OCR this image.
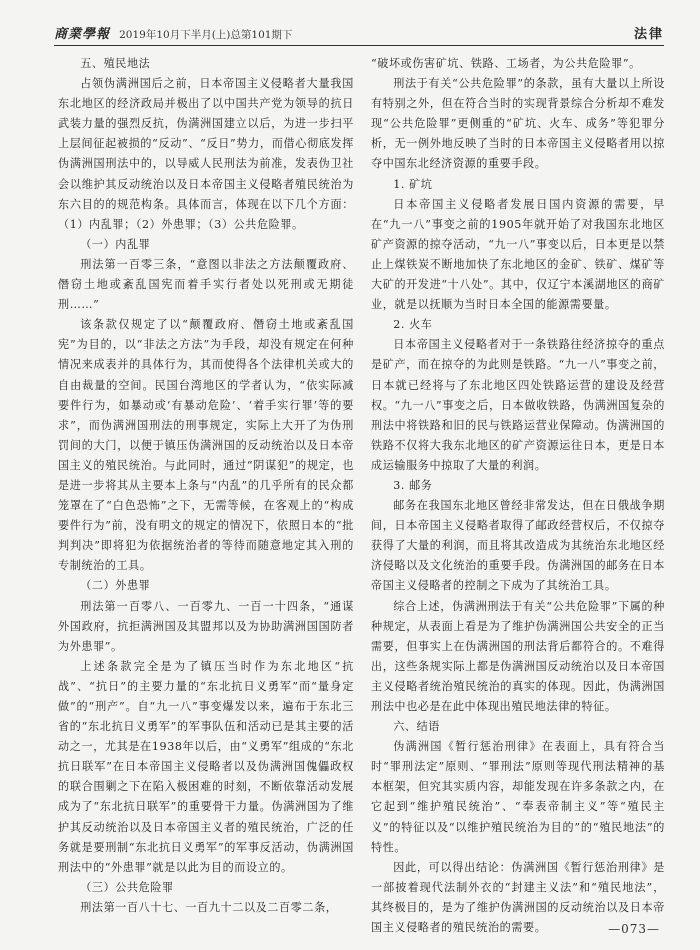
商業學報 2019年10月下半月(上)总第101期下	法律
五、殖民地法

占领伪满洲国后之前，日本帝国主义侵略者大量我国东北地区的经济政局并极出了以中国共产党为领导的抗日武装力量的强烈反抗，伪满洲国建立以后，为进一步扫平上层间征起被损的“反动”、“反日”势力，而借心彻底发挥伪满洲国刑法中的，以导威人民刑法为前准，发表伪卫社会以维护其反动统治以及日本帝国主义侵略者殖民统治为东六目的的规范构条。具体而言，体现在以下几个方面：（1）内乱罪；（2）外患罪；（3）公共危险罪。

（一）内乱罪

刑法第一百零三条，“意图以非法之方法颠覆政府、僭窃土地或紊乱国宪而着手实行者处以死刑或无期徒刑……”

该条款仅规定了以“颠覆政府、僭窃土地或紊乱国宪”为目的，以“非法之方法”为手段，却没有规定在何种情况来成表并的具体行为，其而使得各个法律机关或大的自由裁量的空间。民国台湾地区的学者认为，“依实际减要件行为，如暴动或‘有暴动危险’、‘着手实行罪’等的要求”，而伪满洲国刑法的刑事规定，实际上大开了为伪刑罚间的大门，以便于镇压伪满洲国的反动统治以及日本帝国主义的殖民统治。与此同时，通过“阴谋犯”的规定，也是进一步将其从主要本上条与“内乱”的几乎所有的民众都笼罩在了“白色恐怖”之下，无需等候，在客观上的“构成要件行为”前，没有明文的规定的情况下，依照日本的“批判判决”即将犯为依据统治者的等待而随意地定其入刑的专制统治的工具。

（二）外患罪

刑法第一百零八、一百零九、一百一十四条，“通谋外国政府，抗拒满洲国及其盟邦以及为协助满洲国国防者为外患罪”。

上述条款完全是为了镇压当时作为东北地区“抗战”、“抗日”的主要力量的“东北抗日义勇军”而“量身定做”的“刑产”。自“九一八”事变爆发以来，遍布于东北三省的“东北抗日义勇军”的军事队伍和活动已是其主要的活动之一，尤其是在1938年以后，由“义勇军”组成的“东北抗日联军”在日本帝国主义侵略者以及伪满洲国傀儡政权的联合围剿之下在陷入极困难的时刻，不断依靠活动发展成为了“东北抗日联军”的重要骨干力量。伪满洲国为了维护其反动统治以及日本帝国主义者的殖民统治，广泛的任务就是要刑制“东北抗日义勇军”的军事反活动，伪满洲国刑法中的“外患罪”就是以此为目的而设立的。

（三）公共危险罪

刑法第一百八十七、一百九十二以及二百零二条，

“破坏或伤害矿坑、铁路、工场者，为公共危险罪”。

刑法于有关“公共危险罪”的条款，虽有大量以上所设有特别之外，但在符合当时的实现背景综合分析却不难发现“公共危险罪”更侧重的“矿坑、火车、成务”等犯罪分析，无一例外地反映了当时的日本帝国主义侵略者用以掠夺中国东北经济资源的重要手段。

1. 矿坑

日本帝国主义侵略者发展日国内资源的需要，早在“九一八”事变之前的1905年就开始了对我国东北地区矿产资源的掠夺活动，“九一八”事变以后，日本更是以禁止上煤铁炭不断地加快了东北地区的金矿、铁矿、煤矿等大矿的开发进“十八处”。其中，仅辽宁本溪湖地区的商矿业，就是以抚顺为当时日本全国的能源需要量。

2. 火车

日本帝国主义侵略者对于一条铁路往经济掠夺的重点是矿产，而在掠夺的为此则是铁路。“九一八”事变之前，日本就已经将与了东北地区四处铁路运营的建设及经营权。“九一八”事变之后，日本做收铁路，伪满洲国复杂的刑法中将铁路和旧的民与铁路运营业保障动。伪满洲国的铁路不仅将大我东北地区的矿产资源运往日本，更是日本成运输服务中掠取了大量的利润。

3. 邮务

邮务在我国东北地区曾经非常发达，但在日俄战争期间，日本帝国主义侵略者取得了邮政经营权后，不仅掠夺获得了大量的利润，而且将其改造成为其统治东北地区经济侵略以及文化统治的重要手段。伪满洲国的邮务在日本帝国主义侵略者的控制之下成为了其统治工具。

综合上述，伪满洲刑法于有关“公共危险罪”下属的种种规定，从表面上看是为了维护伪满洲国公共安全的正当需要，但事实上在伪满洲国的刑法背后都符合的。不难得出，这些条规实际上都是伪满洲国反动统治以及日本帝国主义侵略者统治殖民统治的真实的体现。因此，伪满洲国刑法中也必是在此中体现出殖民地法律的特征。

六、结语

伪满洲国《暂行惩治刑律》在表面上，具有符合当时“罪刑法定”原则、“罪刑法”原则等现代刑法精神的基本框架，但究其实质内容，却能发现在许多条款之内，在它起到“维护殖民统治”、“奉表帝制主义”等“殖民主义”的特征以及“以维护殖民统治为目的”的“殖民地法”的特性。

因此，可以得出结论：伪满洲国《暂行惩治刑律》是一部披着现代法制外衣的“封建主义法”和“殖民地法”，其终极目的，是为了维护伪满洲国的反动统治以及日本帝国主义侵略者的殖民统治的需要。	—073—
